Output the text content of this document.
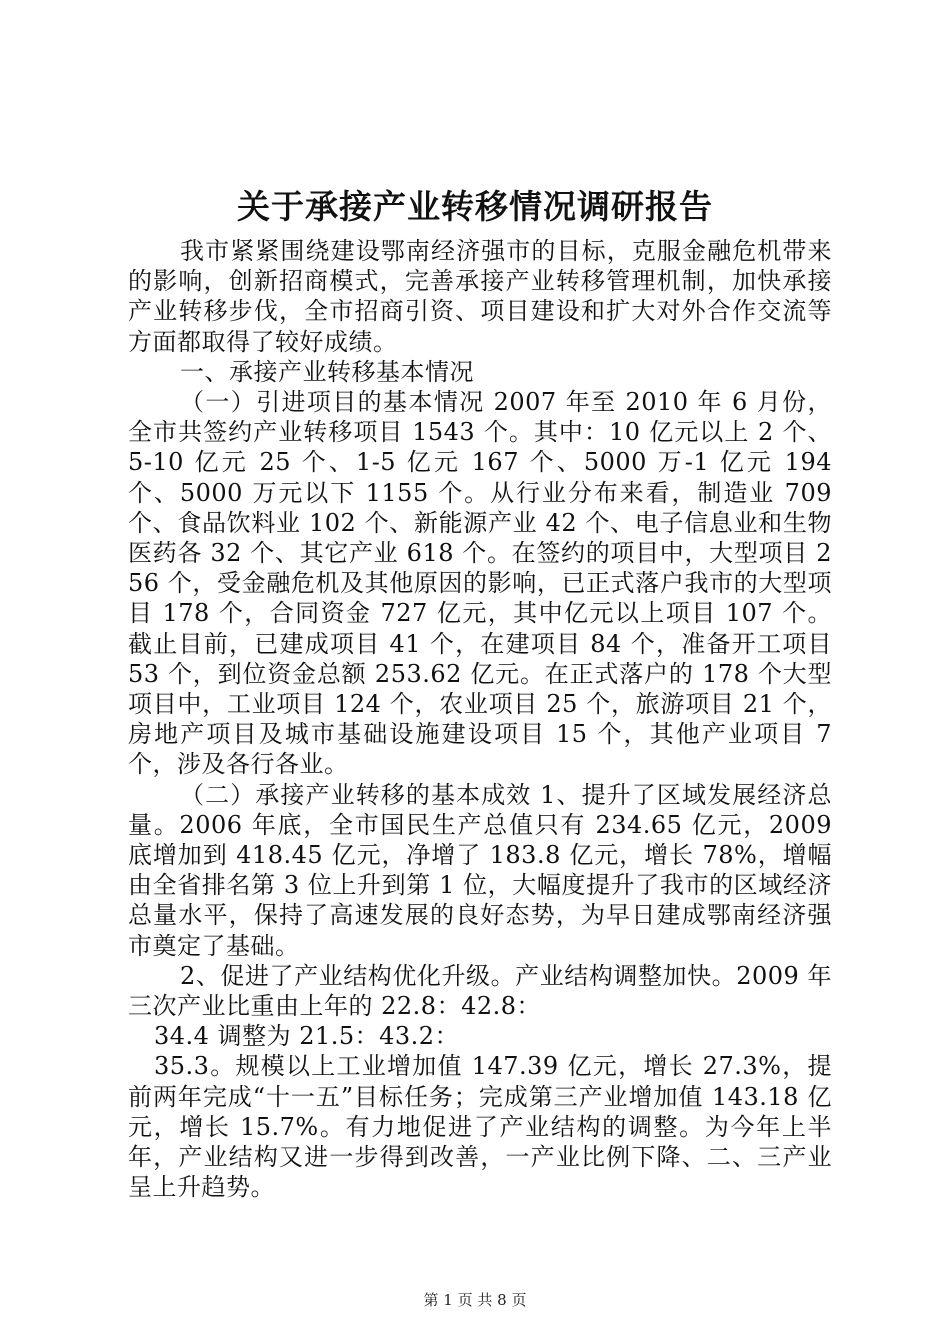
关于承接产业转移情况调研报告

我市紧紧围绕建设鄂南经济强市的目标，克服金融危机带来的影响，创新招商模式，完善承接产业转移管理机制，加快承接产业转移步伐，全市招商引资、项目建设和扩大对外合作交流等方面都取得了较好成绩。

一、承接产业转移基本情况

（一）引进项目的基本情况 2007 年至 2010 年 6 月份，全市共签约产业转移项目 1543 个。其中：10 亿元以上 2 个、5-10 亿元 25 个、1-5 亿元 167 个、5000 万-1 亿元 194 个、5000 万元以下 1155 个。从行业分布来看，制造业 709 个、食品饮料业 102 个、新能源产业 42 个、电子信息业和生物医药各 32 个、其它产业 618 个。在签约的项目中，大型项目 256 个，受金融危机及其他原因的影响，已正式落户我市的大型项目 178 个，合同资金 727 亿元，其中亿元以上项目 107 个。截止目前，已建成项目 41 个，在建项目 84 个，准备开工项目 53 个，到位资金总额 253.62 亿元。在正式落户的 178 个大型项目中，工业项目 124 个，农业项目 25 个，旅游项目 21 个，房地产项目及城市基础设施建设项目 15 个，其他产业项目 7 个，涉及各行各业。

（二）承接产业转移的基本成效 1、提升了区域发展经济总量。2006 年底，全市国民生产总值只有 234.65 亿元，2009 底增加到 418.45 亿元，净增了 183.8 亿元，增长 78%，增幅由全省排名第 3 位上升到第 1 位，大幅度提升了我市的区域经济总量水平，保持了高速发展的良好态势，为早日建成鄂南经济强市奠定了基础。

2、促进了产业结构优化升级。产业结构调整加快。2009 年三次产业比重由上年的 22.8：42.8：

34.4 调整为 21.5：43.2：

35.3。规模以上工业增加值 147.39 亿元，增长 27.3%，提前两年完成“十一五”目标任务；完成第三产业增加值 143.18 亿元，增长 15.7%。有力地促进了产业结构的调整。为今年上半年，产业结构又进一步得到改善，一产业比例下降、二、三产业呈上升趋势。

第 1 页 共 8 页
